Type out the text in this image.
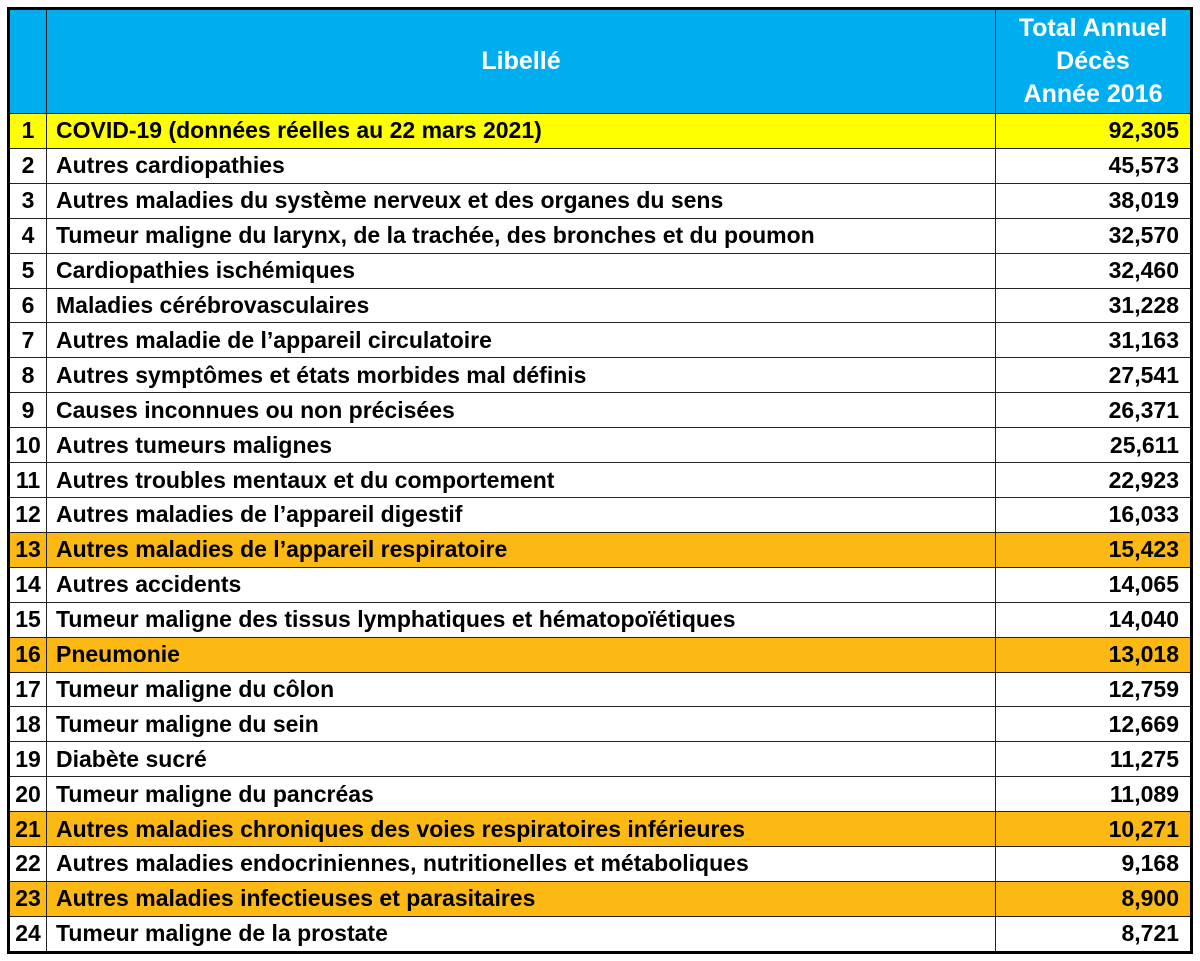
	Libellé	Total Annuel
Décès
Année 2016

1	COVID-19 (données réelles au 22 mars 2021)	92,305
2	Autres cardiopathies	45,573
3	Autres maladies du système nerveux et des organes du sens	38,019
4	Tumeur maligne du larynx, de la trachée, des bronches et du poumon	32,570
5	Cardiopathies ischémiques	32,460
6	Maladies cérébrovasculaires	31,228
7	Autres maladie de l’appareil circulatoire	31,163
8	Autres symptômes et états morbides mal définis	27,541
9	Causes inconnues ou non précisées	26,371
10	Autres tumeurs malignes	25,611
11	Autres troubles mentaux et du comportement	22,923
12	Autres maladies de l’appareil digestif	16,033
13	Autres maladies de l’appareil respiratoire	15,423
14	Autres accidents	14,065
15	Tumeur maligne des tissus lymphatiques et hématopoïétiques	14,040
16	Pneumonie	13,018
17	Tumeur maligne du côlon	12,759
18	Tumeur maligne du sein	12,669
19	Diabète sucré	11,275
20	Tumeur maligne du pancréas	11,089
21	Autres maladies chroniques des voies respiratoires inférieures	10,271
22	Autres maladies endocriniennes, nutritionelles et métaboliques	9,168
23	Autres maladies infectieuses et parasitaires	8,900
24	Tumeur maligne de la prostate	8,721
